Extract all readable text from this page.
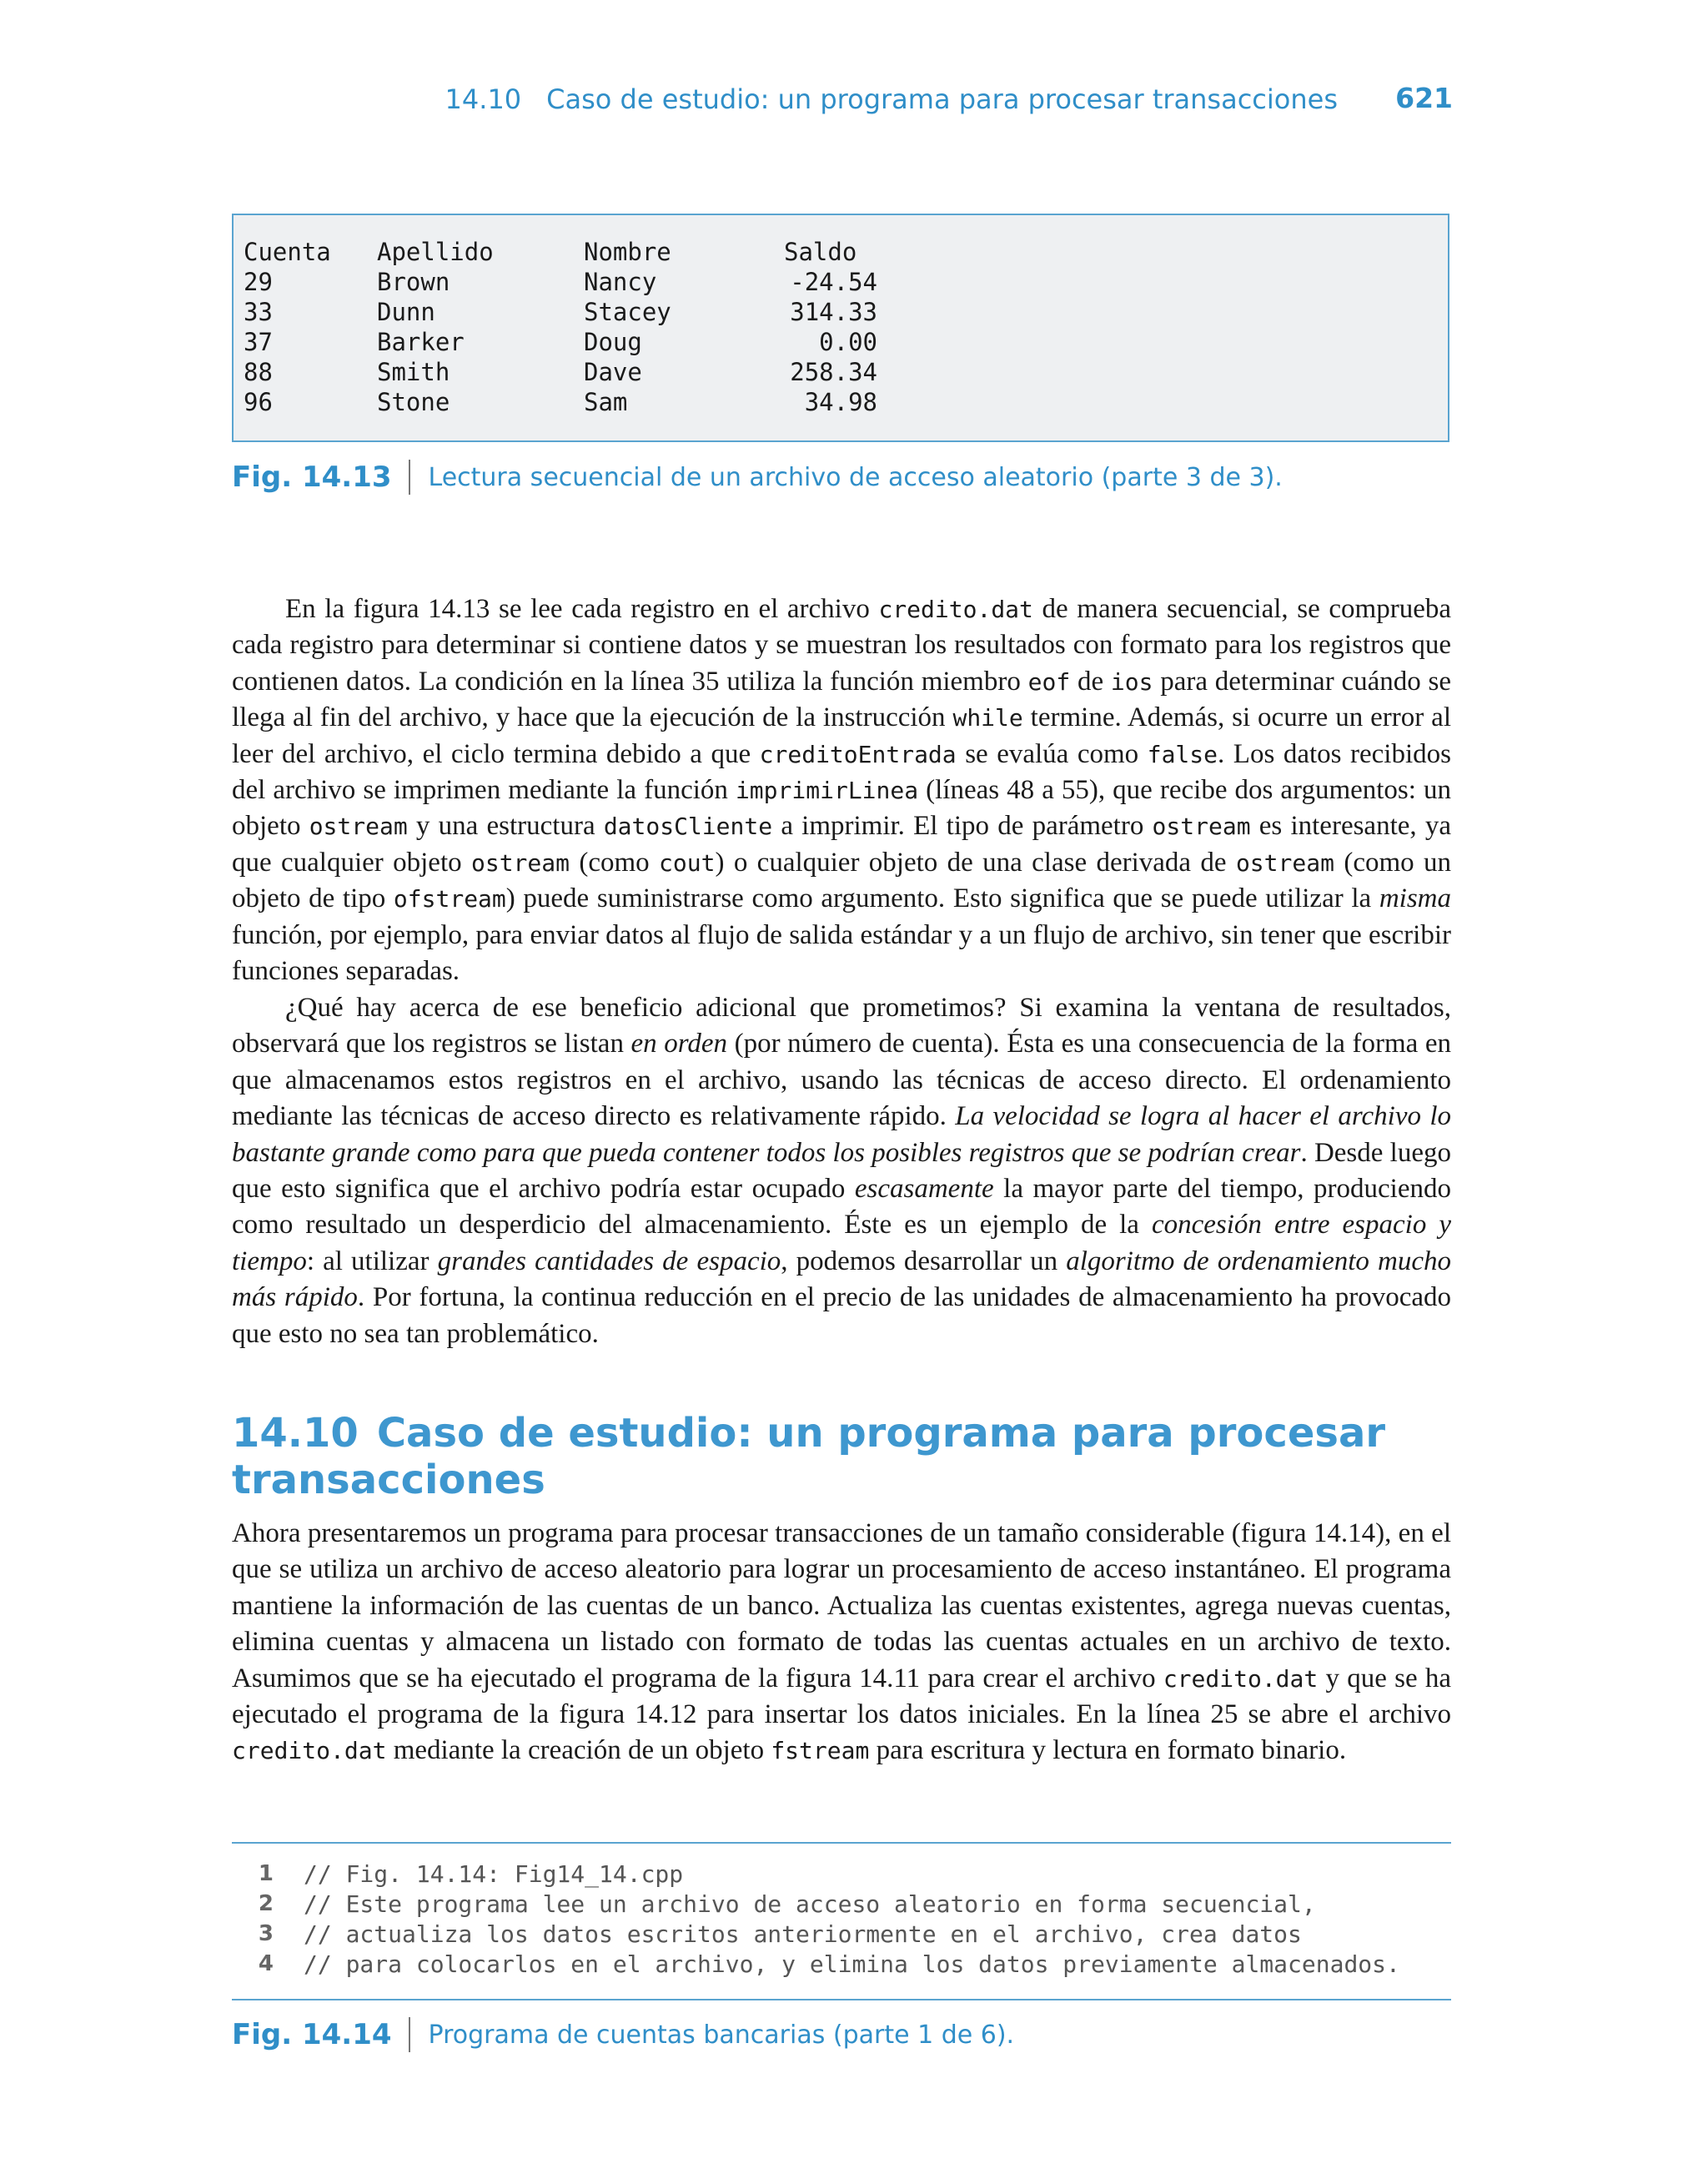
14.10 Caso de estudio: un programa para procesar transacciones 621
Cuenta	Apellido	Nombre	Saldo
29	Brown	Nancy	-24.54
33	Dunn	Stacey	314.33
37	Barker	Doug	0.00
88	Smith	Dave	258.34
96	Stone	Sam	34.98
Fig. 14.13 Lectura secuencial de un archivo de acceso aleatorio (parte 3 de 3).

En la figura 14.13 se lee cada registro en el archivo credito.dat de manera secuencial, se comprueba cada registro para determinar si contiene datos y se muestran los resultados con formato para los registros que contienen datos. La condición en la línea 35 utiliza la función miembro eof de ios para determinar cuándo se llega al fin del archivo, y hace que la ejecución de la instrucción while termine. Además, si ocurre un error al leer del archivo, el ciclo termina debido a que creditoEntrada se evalúa como false. Los datos recibidos del archivo se imprimen mediante la función imprimirLinea (líneas 48 a 55), que recibe dos argumentos: un objeto ostream y una estructura datosCliente a imprimir. El tipo de parámetro ostream es interesante, ya que cualquier objeto ostream (como cout) o cualquier objeto de una clase derivada de ostream (como un objeto de tipo ofstream) puede suministrarse como argumento. Esto significa que se puede utilizar la misma función, por ejemplo, para enviar datos al flujo de salida estándar y a un flujo de archivo, sin tener que escribir funciones separadas.

¿Qué hay acerca de ese beneficio adicional que prometimos? Si examina la ventana de resultados, observará que los registros se listan en orden (por número de cuenta). Ésta es una consecuencia de la forma en que almacenamos estos registros en el archivo, usando las técnicas de acceso directo. El ordenamiento mediante las técnicas de acceso directo es relativamente rápido. La velocidad se logra al hacer el archivo lo bastante grande como para que pueda contener todos los posibles registros que se podrían crear. Desde luego que esto significa que el archivo podría estar ocupado escasamente la mayor parte del tiempo, produciendo como resultado un desperdicio del almacenamiento. Éste es un ejemplo de la concesión entre espacio y tiempo: al utilizar grandes cantidades de espacio, podemos desarrollar un algoritmo de ordenamiento mucho más rápido. Por fortuna, la continua reducción en el precio de las unidades de almacenamiento ha provocado que esto no sea tan problemático.

14.10 Caso de estudio: un programa para procesar transacciones

Ahora presentaremos un programa para procesar transacciones de un tamaño considerable (figura 14.14), en el que se utiliza un archivo de acceso aleatorio para lograr un procesamiento de acceso instantáneo. El programa mantiene la información de las cuentas de un banco. Actualiza las cuentas existentes, agrega nuevas cuentas, elimina cuentas y almacena un listado con formato de todas las cuentas actuales en un archivo de texto. Asumimos que se ha ejecutado el programa de la figura 14.11 para crear el archivo credito.dat y que se ha ejecutado el programa de la figura 14.12 para insertar los datos iniciales. En la línea 25 se abre el archivo credito.dat mediante la creación de un objeto fstream para escritura y lectura en formato binario.

1 // Fig. 14.14: Fig14_14.cpp
2 // Este programa lee un archivo de acceso aleatorio en forma secuencial,
3 // actualiza los datos escritos anteriormente en el archivo, crea datos
4 // para colocarlos en el archivo, y elimina los datos previamente almacenados.
Fig. 14.14 Programa de cuentas bancarias (parte 1 de 6).
